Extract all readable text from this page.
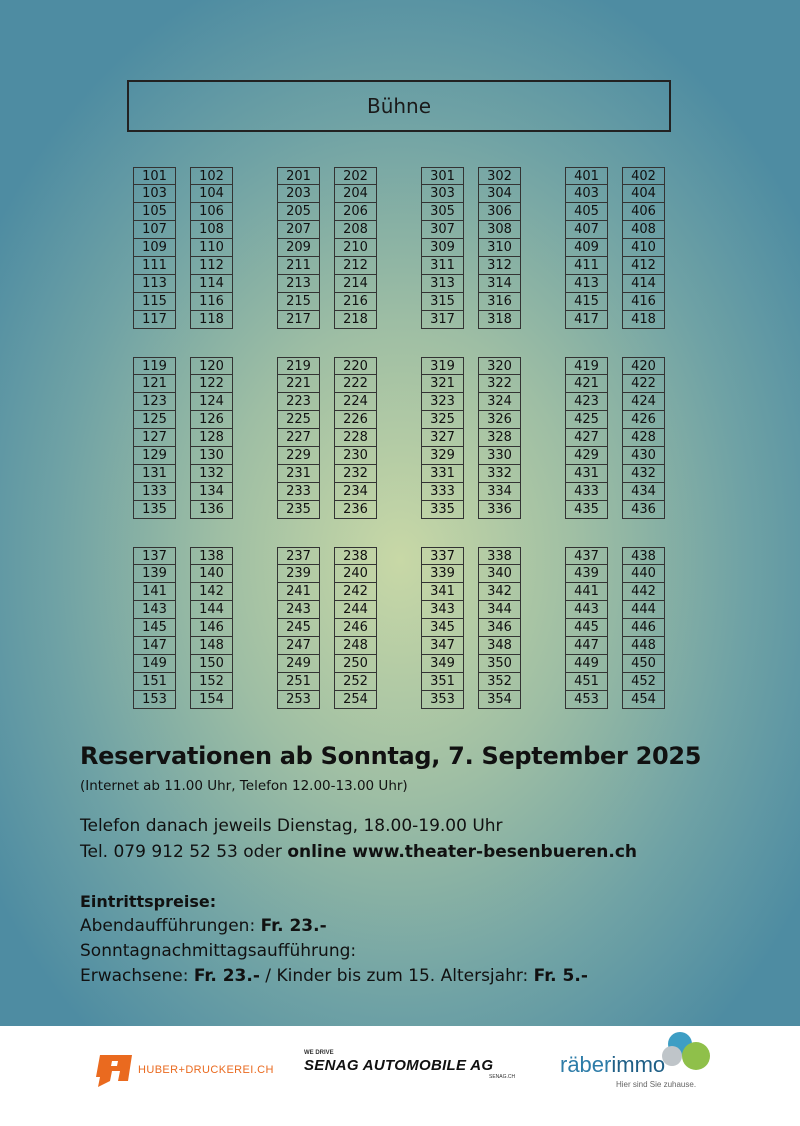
Bühne
101
103
105
107
109
111
113
115
117
102
104
106
108
110
112
114
116
118
201
203
205
207
209
211
213
215
217
202
204
206
208
210
212
214
216
218
301
303
305
307
309
311
313
315
317
302
304
306
308
310
312
314
316
318
401
403
405
407
409
411
413
415
417
402
404
406
408
410
412
414
416
418
119
121
123
125
127
129
131
133
135
120
122
124
126
128
130
132
134
136
219
221
223
225
227
229
231
233
235
220
222
224
226
228
230
232
234
236
319
321
323
325
327
329
331
333
335
320
322
324
326
328
330
332
334
336
419
421
423
425
427
429
431
433
435
420
422
424
426
428
430
432
434
436
137
139
141
143
145
147
149
151
153
138
140
142
144
146
148
150
152
154
237
239
241
243
245
247
249
251
253
238
240
242
244
246
248
250
252
254
337
339
341
343
345
347
349
351
353
338
340
342
344
346
348
350
352
354
437
439
441
443
445
447
449
451
453
438
440
442
444
446
448
450
452
454
Reservationen ab Sonntag, 7. September 2025
(Internet ab 11.00 Uhr, Telefon 12.00-13.00 Uhr)
Telefon danach jeweils Dienstag, 18.00-19.00 Uhr
Tel. 079 912 52 53 oder online www.theater-besenbueren.ch
Eintrittspreise:
Abendaufführungen: Fr. 23.-
Sonntagnachmittagsaufführung:
Erwachsene: Fr. 23.- / Kinder bis zum 15. Altersjahr: Fr. 5.-
HUBER+DRUCKEREI.CH
WE DRIVE
SENAG AUTOMOBILE AG
SENAG.CH räberimmo
Hier sind Sie zuhause.
